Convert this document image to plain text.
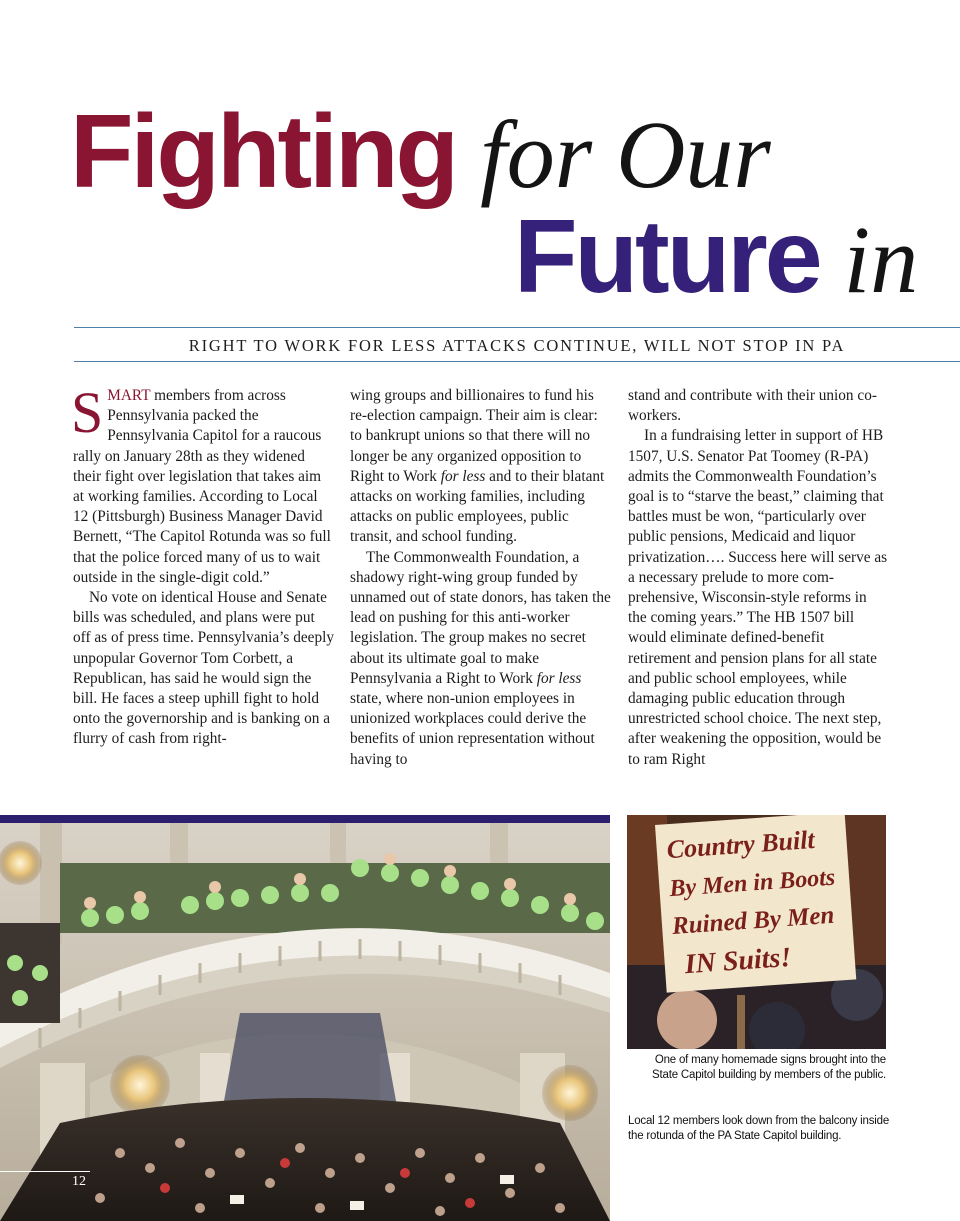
Fighting for Our
Future in
RIGHT TO WORK FOR LESS ATTACKS CONTINUE, WILL NOT STOP IN PA

SMART members from across Pennsylvania packed the Pennsylvania Capitol for a raucous rally on January 28th as they widened their fight over legislation that takes aim at working families. According to Local 12 (Pittsburgh) Business Manager David Bernett, “The Capitol Rotunda was so full that the police forced many of us to wait outside in the single-digit cold.”

No vote on identical House and Senate bills was scheduled, and plans were put off as of press time. Pennsylvania’s deeply unpopular Governor Tom Corbett, a Republican, has said he would sign the bill. He faces a steep uphill fight to hold onto the governorship and is banking on a flurry of cash from right-

wing groups and billionaires to fund his re-election campaign. Their aim is clear: to bankrupt unions so that there will no longer be any organized opposition to Right to Work for less and to their blatant attacks on working families, including attacks on public employees, public transit, and school funding.

The Commonwealth Foundation, a shadowy right-wing group funded by unnamed out of state donors, has taken the lead on pushing for this anti-worker legislation. The group makes no secret about its ultimate goal to make Pennsylvania a Right to Work for less state, where non-union employees in unionized workplaces could derive the benefits of union representation without having to

stand and contribute with their union co-workers.

In a fundraising letter in support of HB 1507, U.S. Senator Pat Toomey (R-PA) admits the Commonwealth Foundation’s goal is to “starve the beast,” claiming that battles must be won, “particularly over public pensions, Medicaid and liquor privatization…. Success here will serve as a necessary prelude to more comprehensive, Wisconsin-style reforms in the coming years.” The HB 1507 bill would eliminate defined-benefit retirement and pension plans for all state and public school employees, while damaging public education through unrestricted school choice. The next step, after weakening the opposition, would be to ram Right

Country Built
By Men in Boots
Ruined By Men
IN Suits!
One of many homemade signs brought into the State Capitol building by members of the public.
Local 12 members look down from the balcony inside the rotunda of the PA State Capitol building.
12
